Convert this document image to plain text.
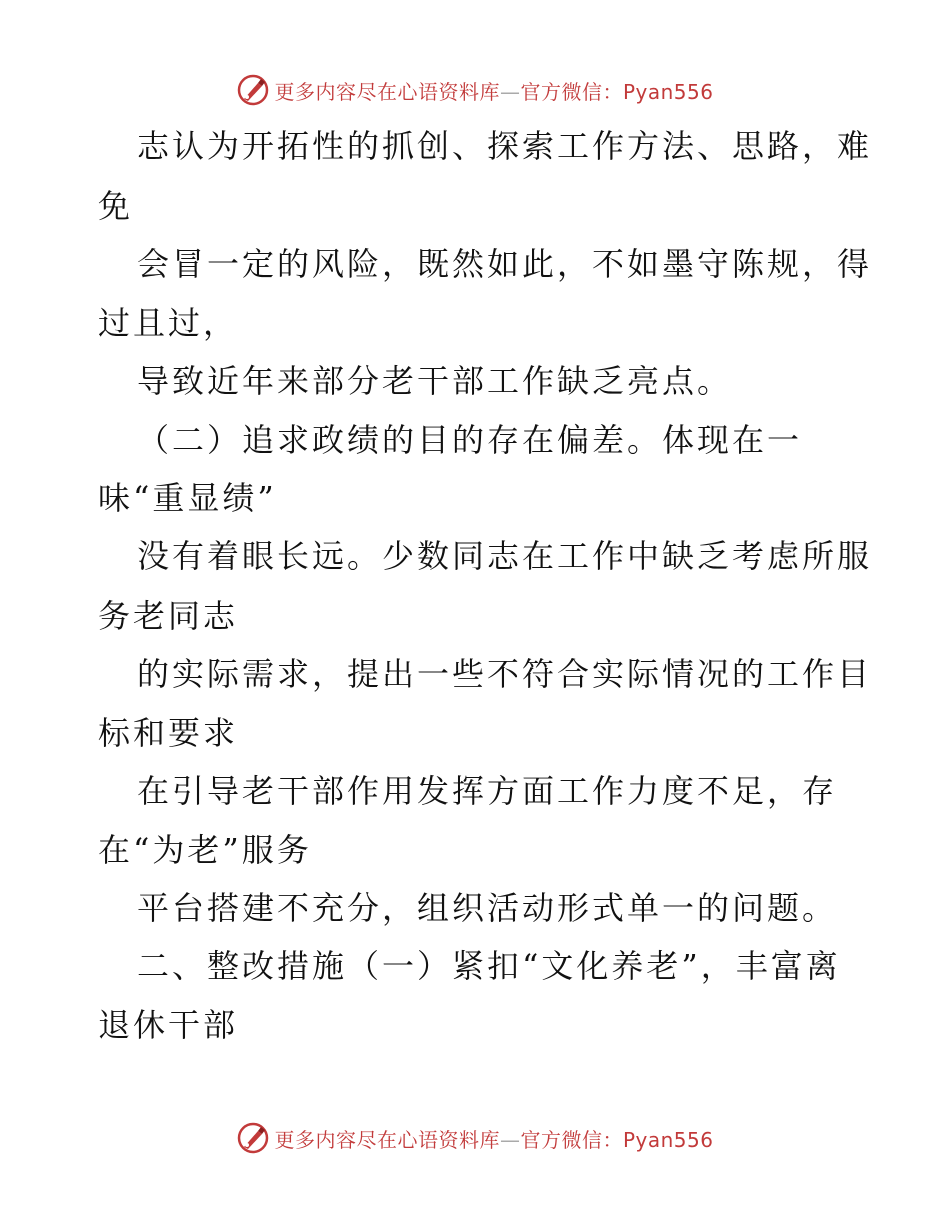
更多内容尽在心语资料库—官方微信：Pyan556
志认为开拓性的抓创、探索工作方法、思路，难
免
会冒一定的风险，既然如此，不如墨守陈规，得
过且过，
导致近年来部分老干部工作缺乏亮点。
（二）追求政绩的目的存在偏差。体现在一
味“重显绩”
没有着眼长远。少数同志在工作中缺乏考虑所服
务老同志
的实际需求，提出一些不符合实际情况的工作目
标和要求
在引导老干部作用发挥方面工作力度不足，存
在“为老”服务
平台搭建不充分，组织活动形式单一的问题。
二、整改措施（一）紧扣“文化养老”，丰富离
退休干部
更多内容尽在心语资料库—官方微信：Pyan556
